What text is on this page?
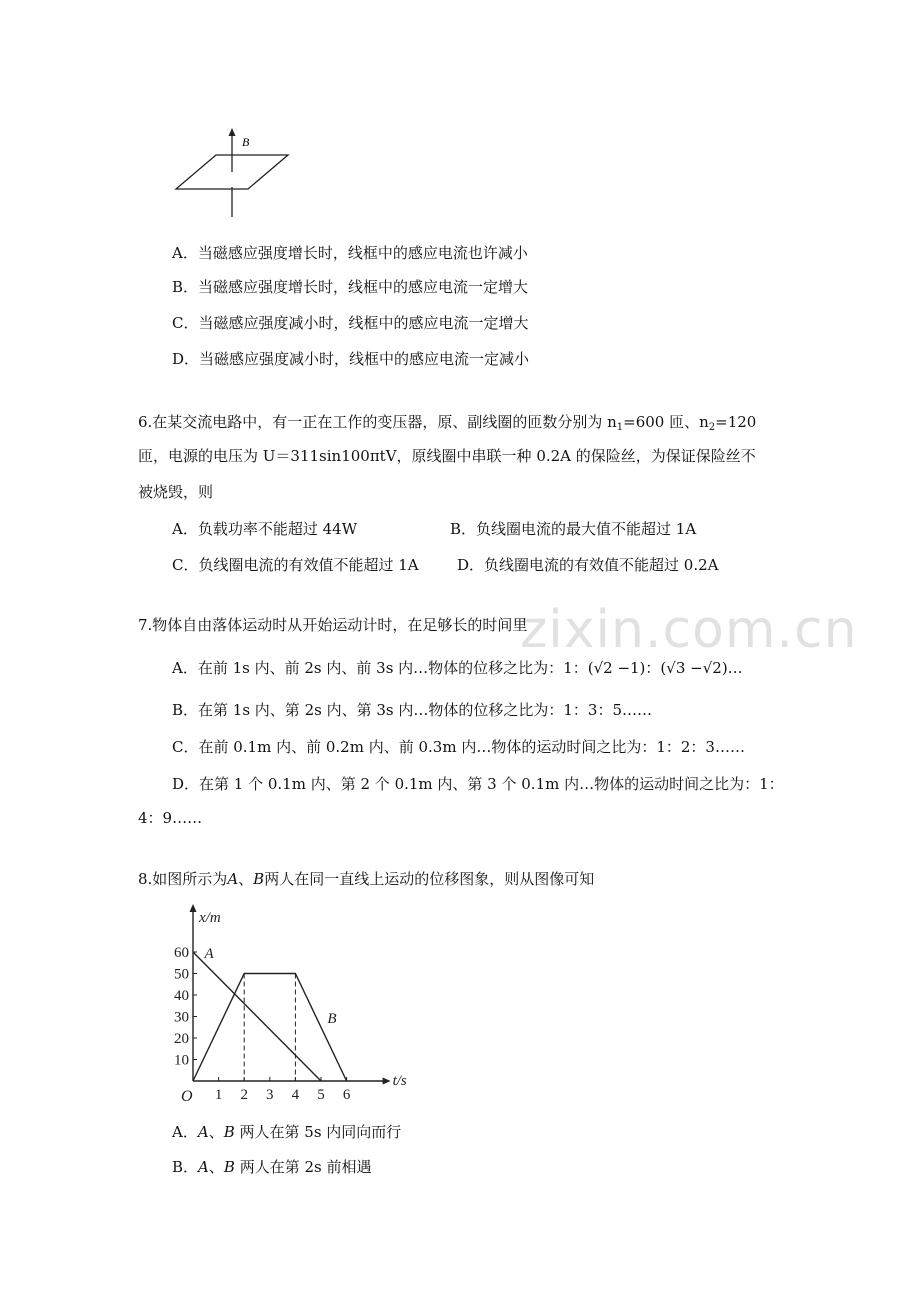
B
A．当磁感应强度增长时，线框中的感应电流也许减小
B．当磁感应强度增长时，线框中的感应电流一定增大
C．当磁感应强度减小时，线框中的感应电流一定增大
D．当磁感应强度减小时，线框中的感应电流一定减小
6.在某交流电路中，有一正在工作的变压器，原、副线圈的匝数分别为 $n_1=600$ 匝、$n_2=120$
匝，电源的电压为 U＝311sin100πtV，原线圈中串联一种 0.2A 的保险丝，为保证保险丝不
被烧毁，则
A．负载功率不能超过 44W	B．负线圈电流的最大值不能超过 1A
C．负线圈电流的有效值不能超过 1A	D．负线圈电流的有效值不能超过 0.2A
zixin.com.cn
7.物体自由落体运动时从开始运动计时，在足够长的时间里
A．在前 1s 内、前 2s 内、前 3s 内…物体的位移之比为：1：(√2 −1)：(√3 −√2)…
B．在第 1s 内、第 2s 内、第 3s 内…物体的位移之比为：1：3：5……
C．在前 0.1m 内、前 0.2m 内、前 0.3m 内…物体的运动时间之比为：1：2：3……
D．在第 1 个 0.1m 内、第 2 个 0.1m 内、第 3 个 0.1m 内…物体的运动时间之比为：1：
4：9……
8.如图所示为A、B两人在同一直线上运动的位移图象，则从图像可知
1 2 3 4 5 6
10
20
30
40
50
60
O
x/m
t/s
A
B
A．A、B 两人在第 5s 内同向而行
B．A、B 两人在第 2s 前相遇
